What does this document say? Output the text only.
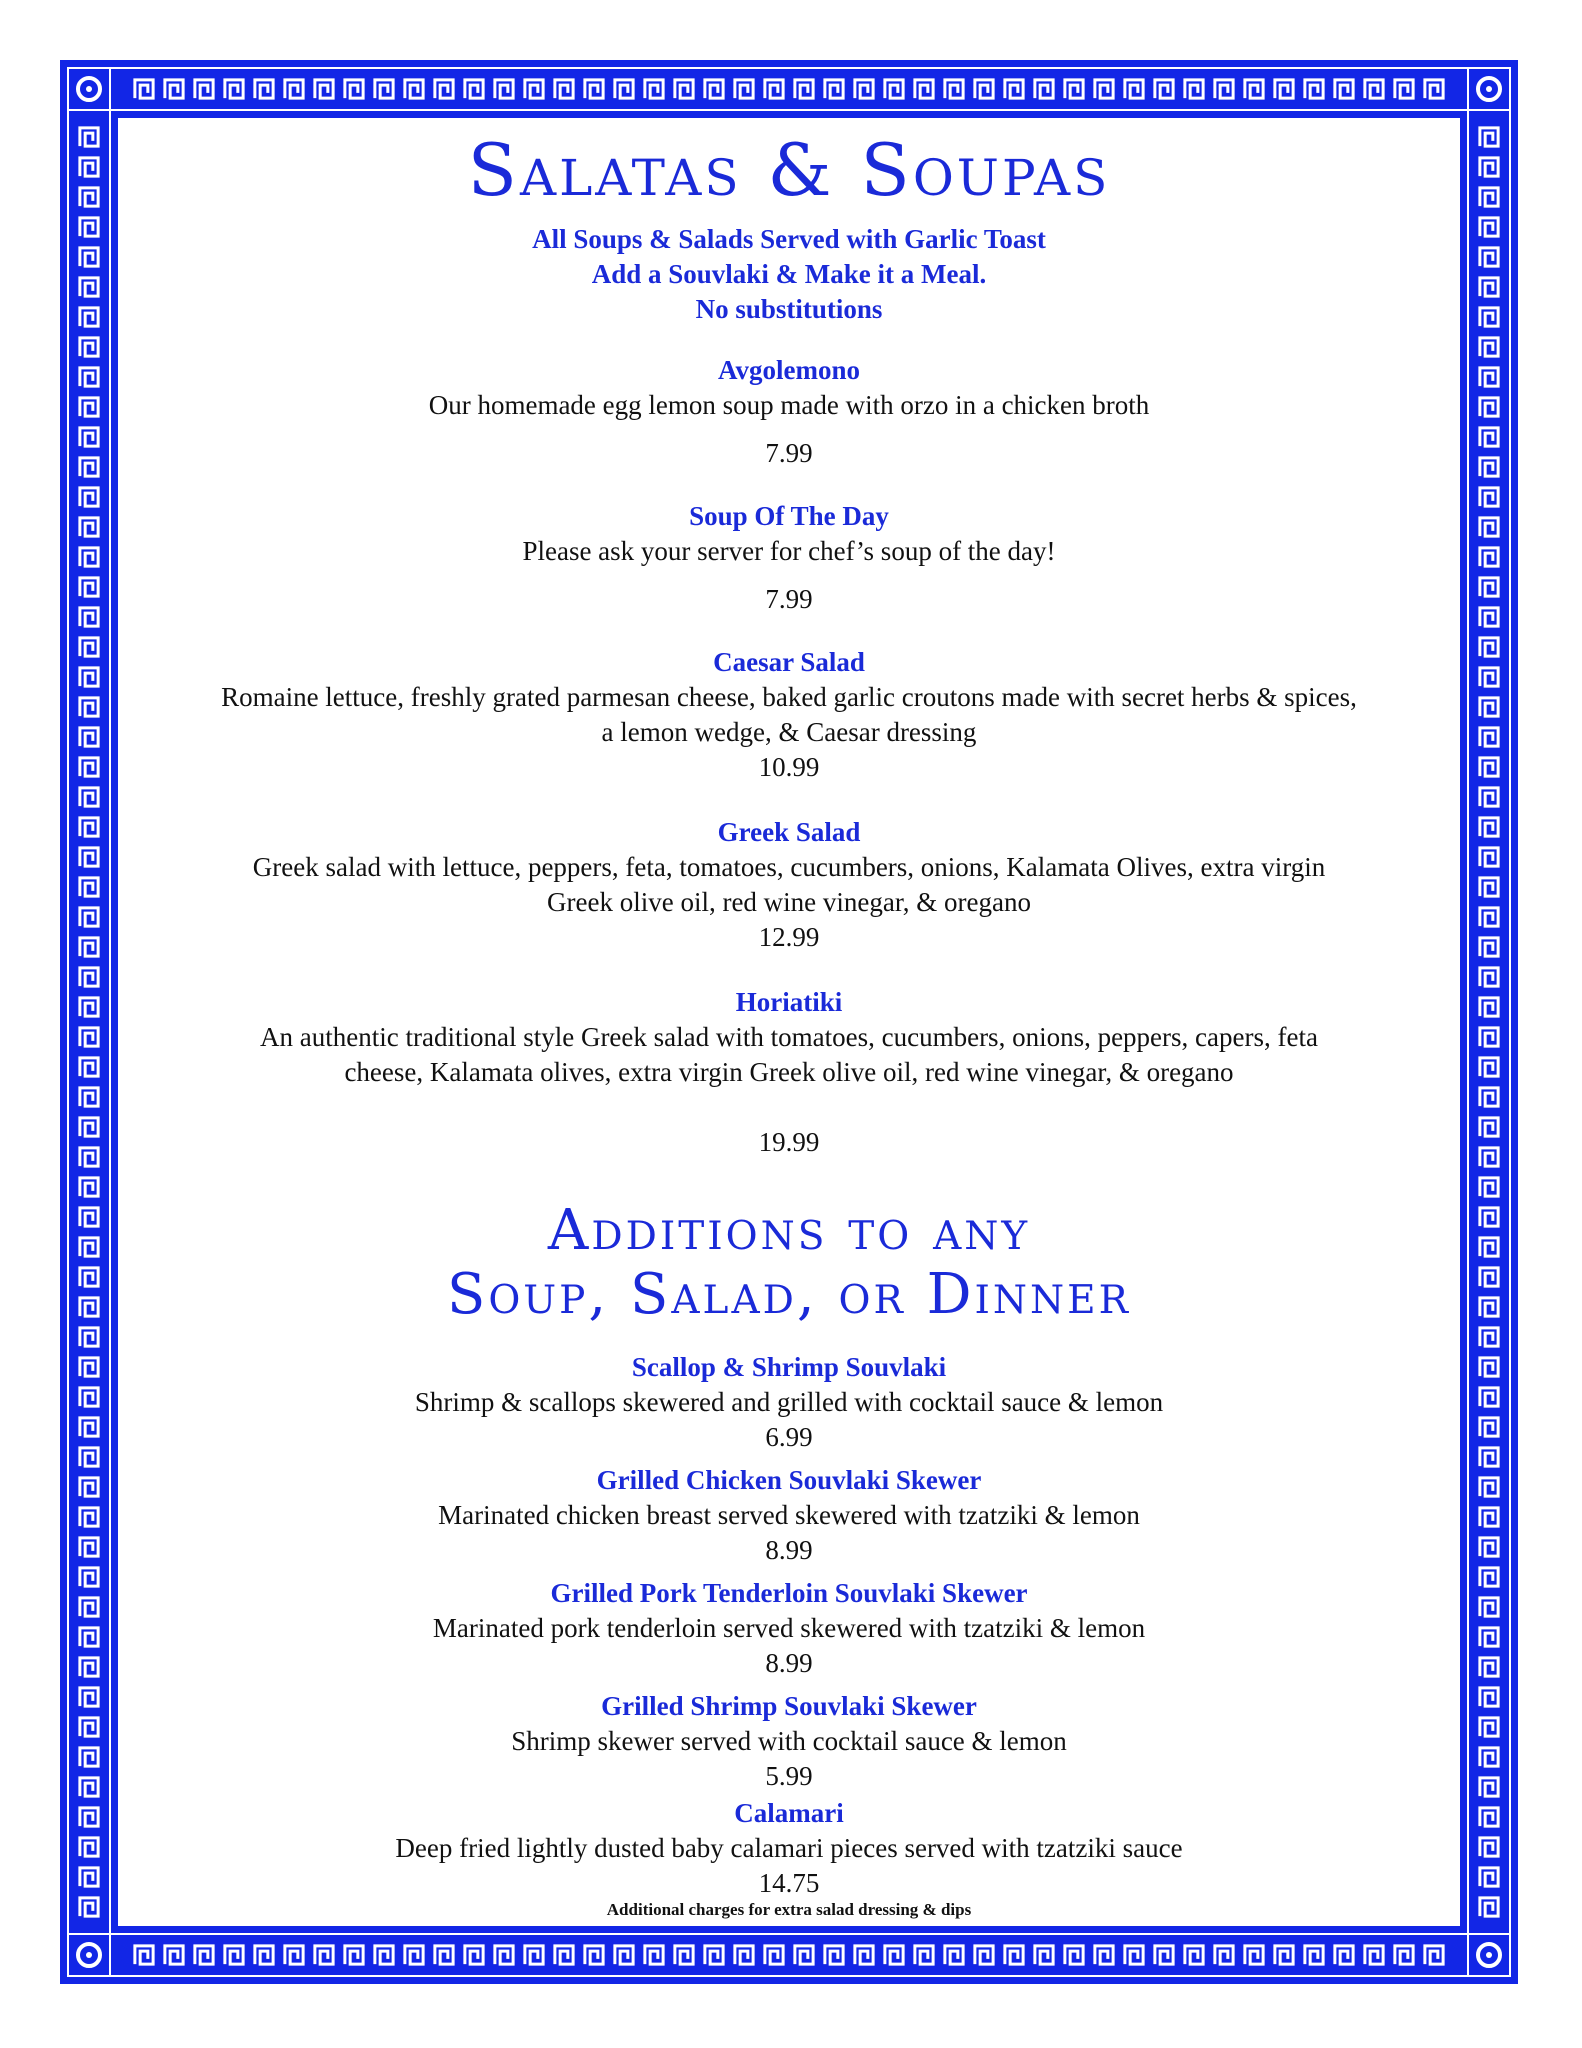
Salatas & Soupas
All Soups & Salads Served with Garlic Toast
Add a Souvlaki & Make it a Meal.
No substitutions
Avgolemono
Our homemade egg lemon soup made with orzo in a chicken broth
7.99
Soup Of The Day
Please ask your server for chef’s soup of the day!
7.99
Caesar Salad
Romaine lettuce, freshly grated parmesan cheese, baked garlic croutons made with secret herbs & spices, a lemon wedge, & Caesar dressing
10.99
Greek Salad
Greek salad with lettuce, peppers, feta, tomatoes, cucumbers, onions, Kalamata Olives, extra virgin Greek olive oil, red wine vinegar, & oregano
12.99
Horiatiki
An authentic traditional style Greek salad with tomatoes, cucumbers, onions, peppers, capers, feta cheese, Kalamata olives, extra virgin Greek olive oil, red wine vinegar, & oregano
19.99
Additions to any
Soup, Salad, or Dinner
Scallop & Shrimp Souvlaki
Shrimp & scallops skewered and grilled with cocktail sauce & lemon
6.99
Grilled Chicken Souvlaki Skewer
Marinated chicken breast served skewered with tzatziki & lemon
8.99
Grilled Pork Tenderloin Souvlaki Skewer
Marinated pork tenderloin served skewered with tzatziki & lemon
8.99
Grilled Shrimp Souvlaki Skewer
Shrimp skewer served with cocktail sauce & lemon
5.99
Calamari
Deep fried lightly dusted baby calamari pieces served with tzatziki sauce
14.75
Additional charges for extra salad dressing & dips
